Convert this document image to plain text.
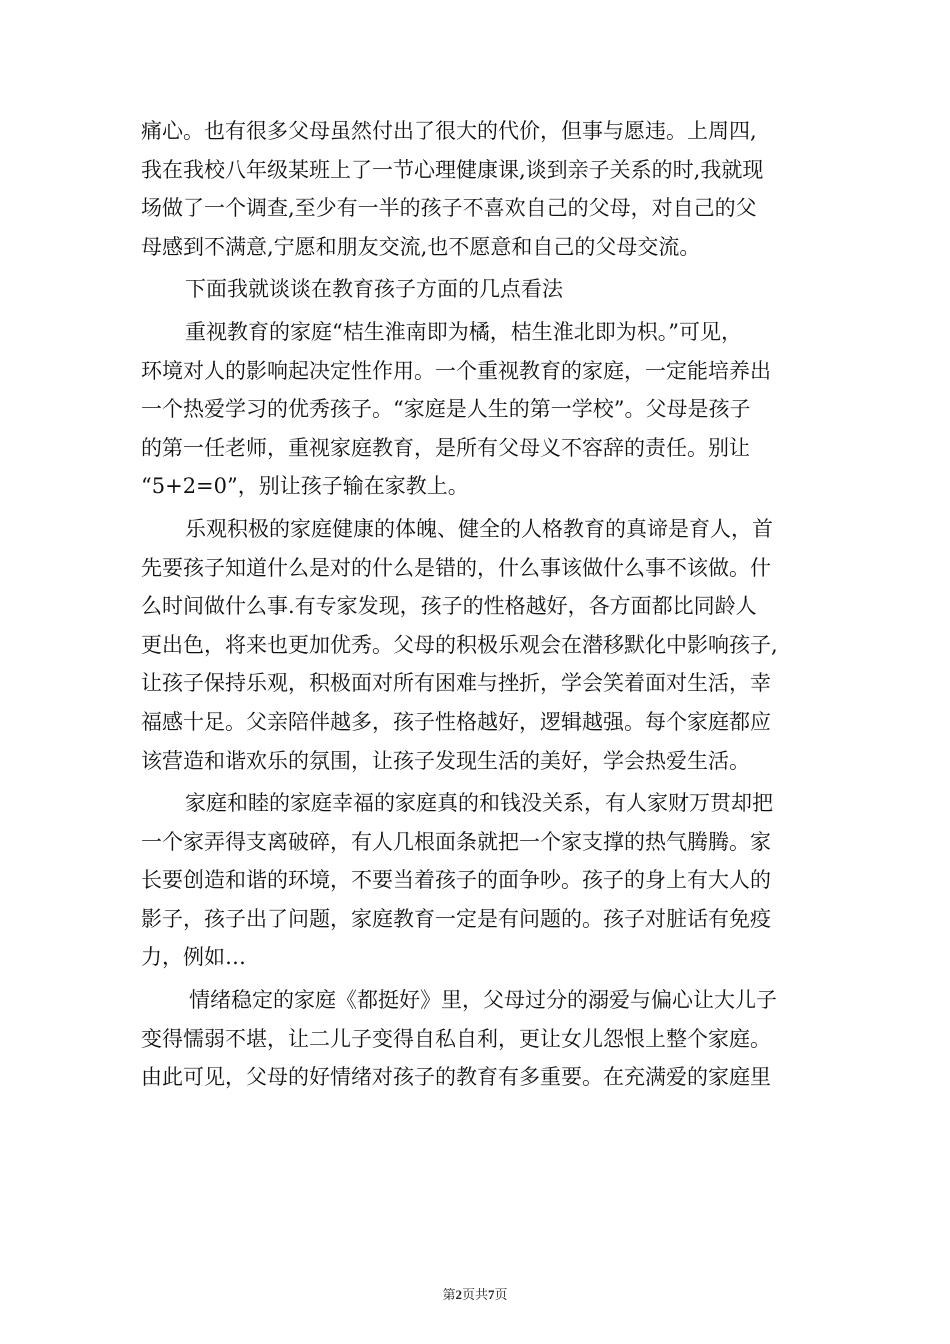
痛心。也有很多父母虽然付出了很大的代价，但事与愿违。上周四,
我在我校八年级某班上了一节心理健康课,谈到亲子关系的时,我就现
场做了一个调查,至少有一半的孩子不喜欢自己的父母，对自己的父
母感到不满意,宁愿和朋友交流,也不愿意和自己的父母交流。
下面我就谈谈在教育孩子方面的几点看法
重视教育的家庭“桔生淮南即为橘，桔生淮北即为枳。”可见，
环境对人的影响起决定性作用。一个重视教育的家庭，一定能培养出
一个热爱学习的优秀孩子。“家庭是人生的第一学校”。父母是孩子
的第一任老师，重视家庭教育，是所有父母义不容辞的责任。别让
“5+2=0”，别让孩子输在家教上。
乐观积极的家庭健康的体魄、健全的人格教育的真谛是育人，首
先要孩子知道什么是对的什么是错的，什么事该做什么事不该做。什
么时间做什么事.有专家发现，孩子的性格越好，各方面都比同龄人
更出色，将来也更加优秀。父母的积极乐观会在潜移默化中影响孩子,
让孩子保持乐观，积极面对所有困难与挫折，学会笑着面对生活，幸
福感十足。父亲陪伴越多，孩子性格越好，逻辑越强。每个家庭都应
该营造和谐欢乐的氛围，让孩子发现生活的美好，学会热爱生活。
家庭和睦的家庭幸福的家庭真的和钱没关系，有人家财万贯却把
一个家弄得支离破碎，有人几根面条就把一个家支撑的热气腾腾。家
长要创造和谐的环境，不要当着孩子的面争吵。孩子的身上有大人的
影子，孩子出了问题，家庭教育一定是有问题的。孩子对脏话有免疫
力，例如…
情绪稳定的家庭《都挺好》里，父母过分的溺爱与偏心让大儿子
变得懦弱不堪，让二儿子变得自私自利，更让女儿怨恨上整个家庭。
由此可见，父母的好情绪对孩子的教育有多重要。在充满爱的家庭里
第2页共7页
